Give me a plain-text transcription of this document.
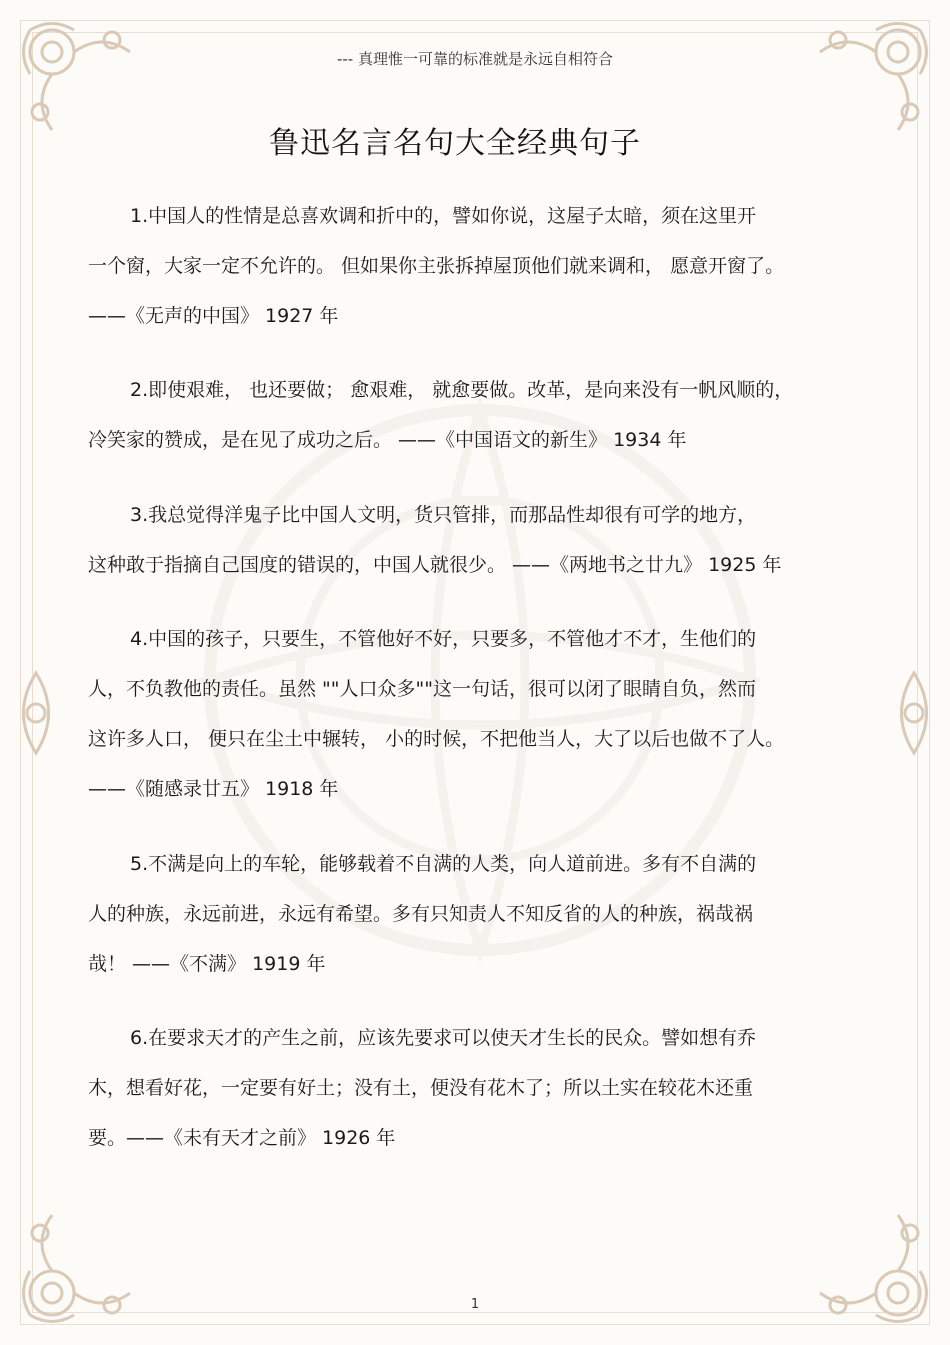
--- 真理惟一可靠的标准就是永远自相符合
鲁迅名言名句大全经典句子
1.中国人的性情是总喜欢调和折中的，譬如你说，这屋子太暗，须在这里开
一个窗，大家一定不允许的。 但如果你主张拆掉屋顶他们就来调和， 愿意开窗了。
——《无声的中国》 1927 年
2.即使艰难， 也还要做； 愈艰难， 就愈要做。改革，是向来没有一帆风顺的，
冷笑家的赞成，是在见了成功之后。 ——《中国语文的新生》 1934 年
3.我总觉得洋鬼子比中国人文明，货只管排，而那品性却很有可学的地方，
这种敢于指摘自己国度的错误的，中国人就很少。 ——《两地书之廿九》 1925 年
4.中国的孩子，只要生，不管他好不好，只要多，不管他才不才，生他们的
人，不负教他的责任。虽然 ""人口众多""这一句话，很可以闭了眼睛自负，然而
这许多人口， 便只在尘土中辗转， 小的时候，不把他当人，大了以后也做不了人。
——《随感录廿五》 1918 年
5.不满是向上的车轮，能够载着不自满的人类，向人道前进。多有不自满的
人的种族，永远前进，永远有希望。多有只知责人不知反省的人的种族，祸哉祸
哉！ ——《不满》 1919 年
6.在要求天才的产生之前，应该先要求可以使天才生长的民众。譬如想有乔
木，想看好花，一定要有好土；没有土，便没有花木了；所以土实在较花木还重
要。——《未有天才之前》 1926 年
1
